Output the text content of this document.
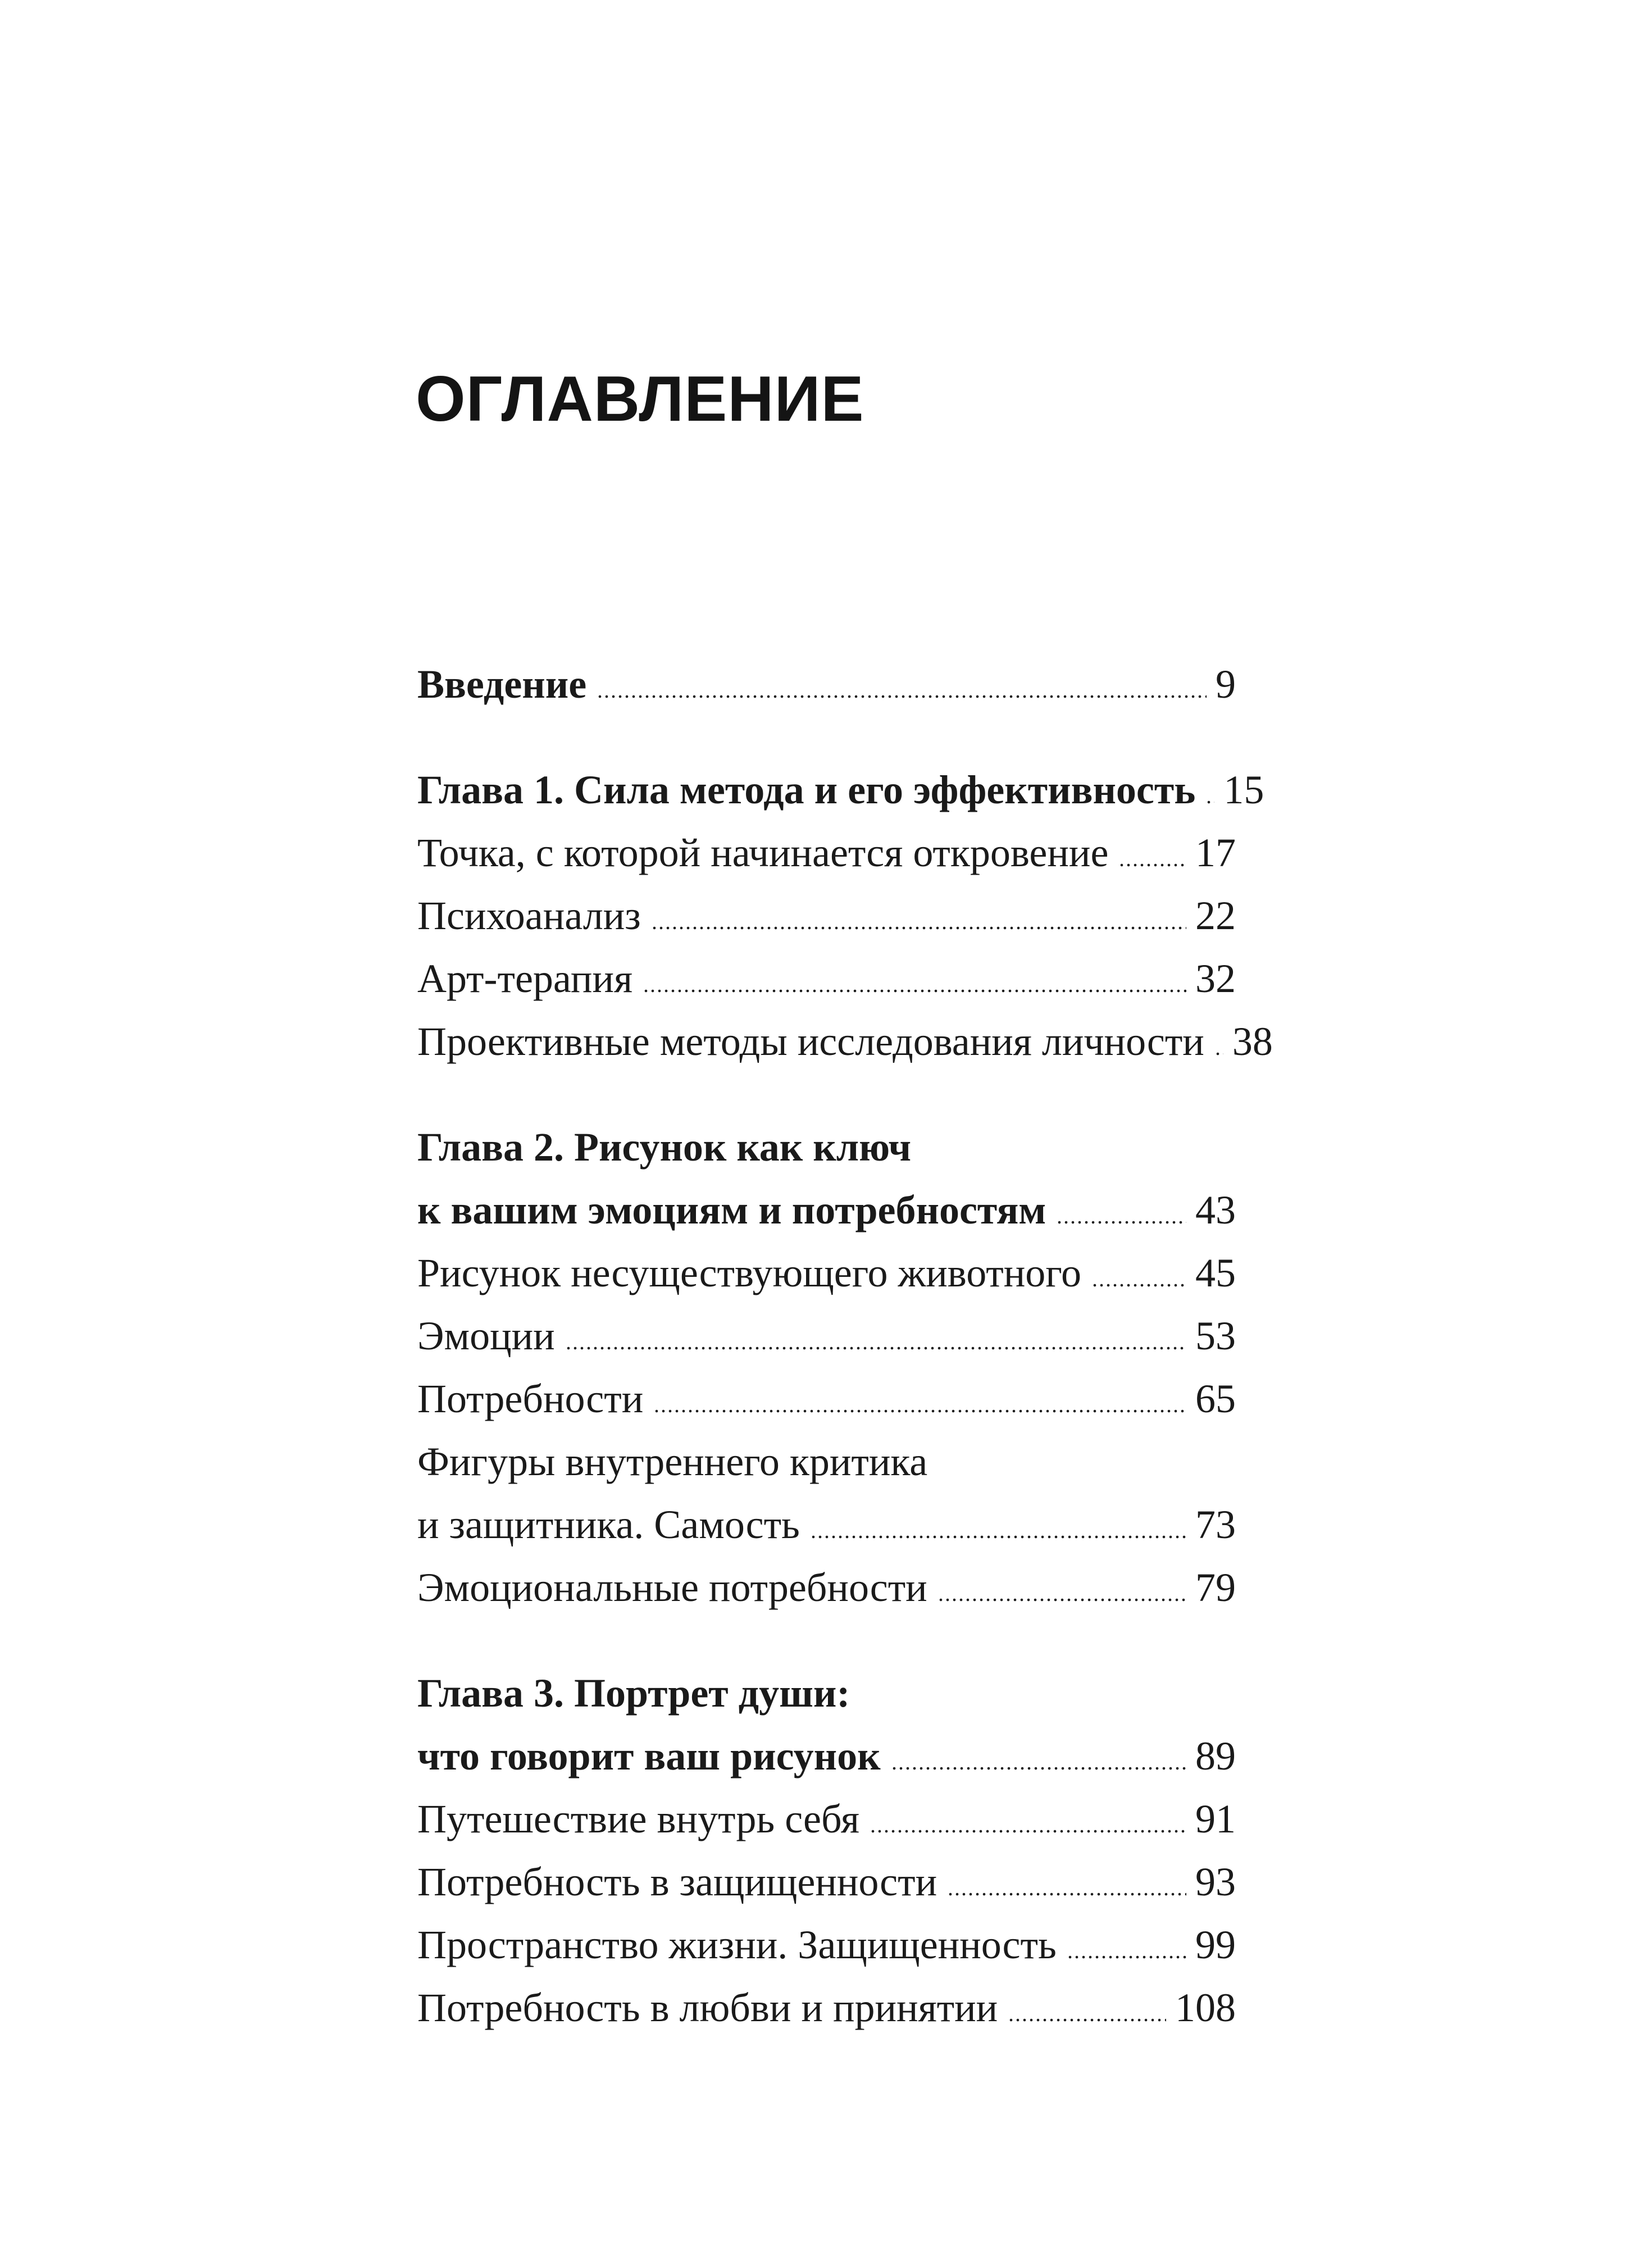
ОГЛАВЛЕНИЕ
Введение	9
Глава 1. Сила метода и его эффективность 15
Точка, с которой начинается откровение 17
Психоанализ	22
Арт-терапия	32
Проективные методы исследования личности 38
Глава 2. Рисунок как ключ
к вашим эмоциям и потребностям	43
Рисунок несуществующего животного	45
Эмоции	53
Потребности	65
Фигуры внутреннего критика
и защитника. Самость	73
Эмоциональные потребности	79
Глава 3. Портрет души:
что говорит ваш рисунок	89
Путешествие внутрь себя	91
Потребность в защищенности	93
Пространство жизни. Защищенность	99
Потребность в любви и принятии	108
